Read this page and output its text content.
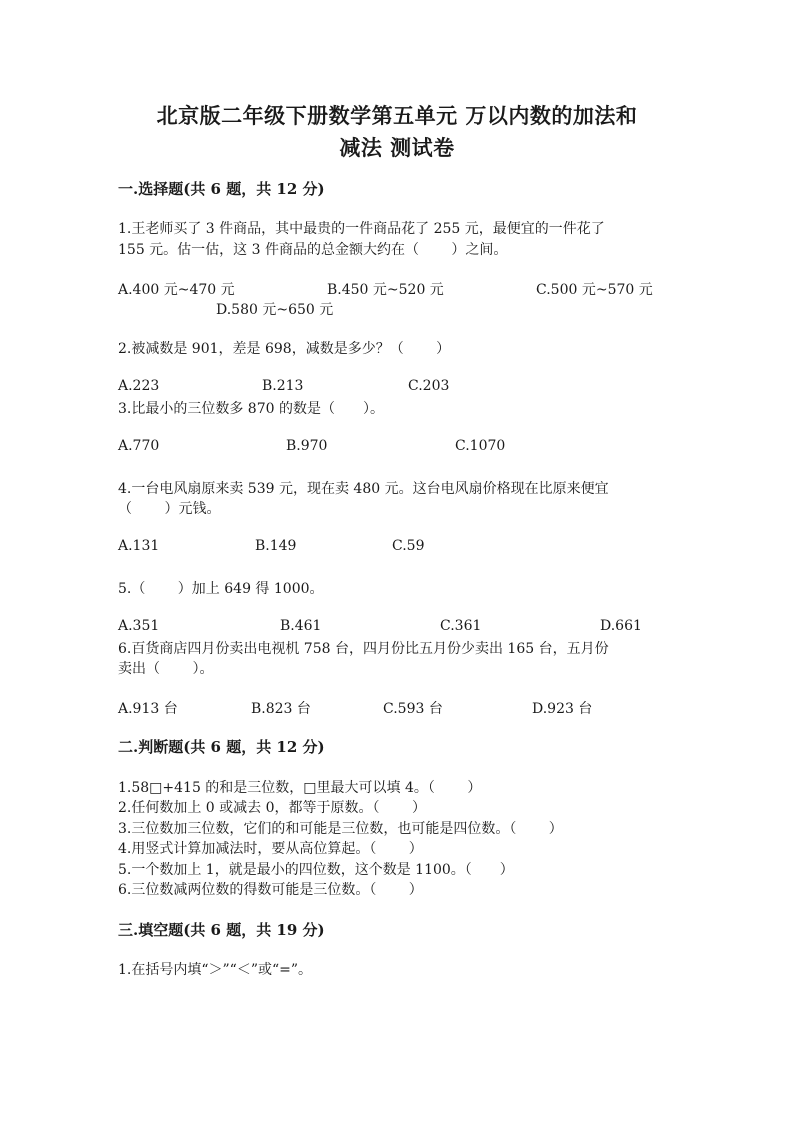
北京版二年级下册数学第五单元 万以内数的加法和
减法 测试卷
一.选择题(共 6 题，共 12 分)
1.王老师买了 3 件商品，其中最贵的一件商品花了 255 元，最便宜的一件花了
155 元。估一估，这 3 件商品的总金额大约在（　　 ）之间。
A.400 元~470 元	B.450 元~520 元	C.500 元~570 元
D.580 元~650 元
2.被减数是 901，差是 698，减数是多少？（　　 ）
A.223	B.213	C.203
3.比最小的三位数多 870 的数是（　　）。
A.770	B.970	C.1070
4.一台电风扇原来卖 539 元，现在卖 480 元。这台电风扇价格现在比原来便宜
（　　 ）元钱。
A.131	B.149	C.59
5.（　　 ）加上 649 得 1000。
A.351	B.461	C.361	D.661
6.百货商店四月份卖出电视机 758 台，四月份比五月份少卖出 165 台，五月份
卖出（　　 ）。
A.913 台	B.823 台	C.593 台	D.923 台
二.判断题(共 6 题，共 12 分)
1.58□+415 的和是三位数，□里最大可以填 4。（　　 ）
2.任何数加上 0 或减去 0，都等于原数。（　　 ）
3.三位数加三位数，它们的和可能是三位数，也可能是四位数。（　　 ）
4.用竖式计算加减法时，要从高位算起。（　　 ）
5.一个数加上 1，就是最小的四位数，这个数是 1100。（　　）
6.三位数减两位数的得数可能是三位数。（　　 ）
三.填空题(共 6 题，共 19 分)
1.在括号内填“＞”“＜”或“=”。
